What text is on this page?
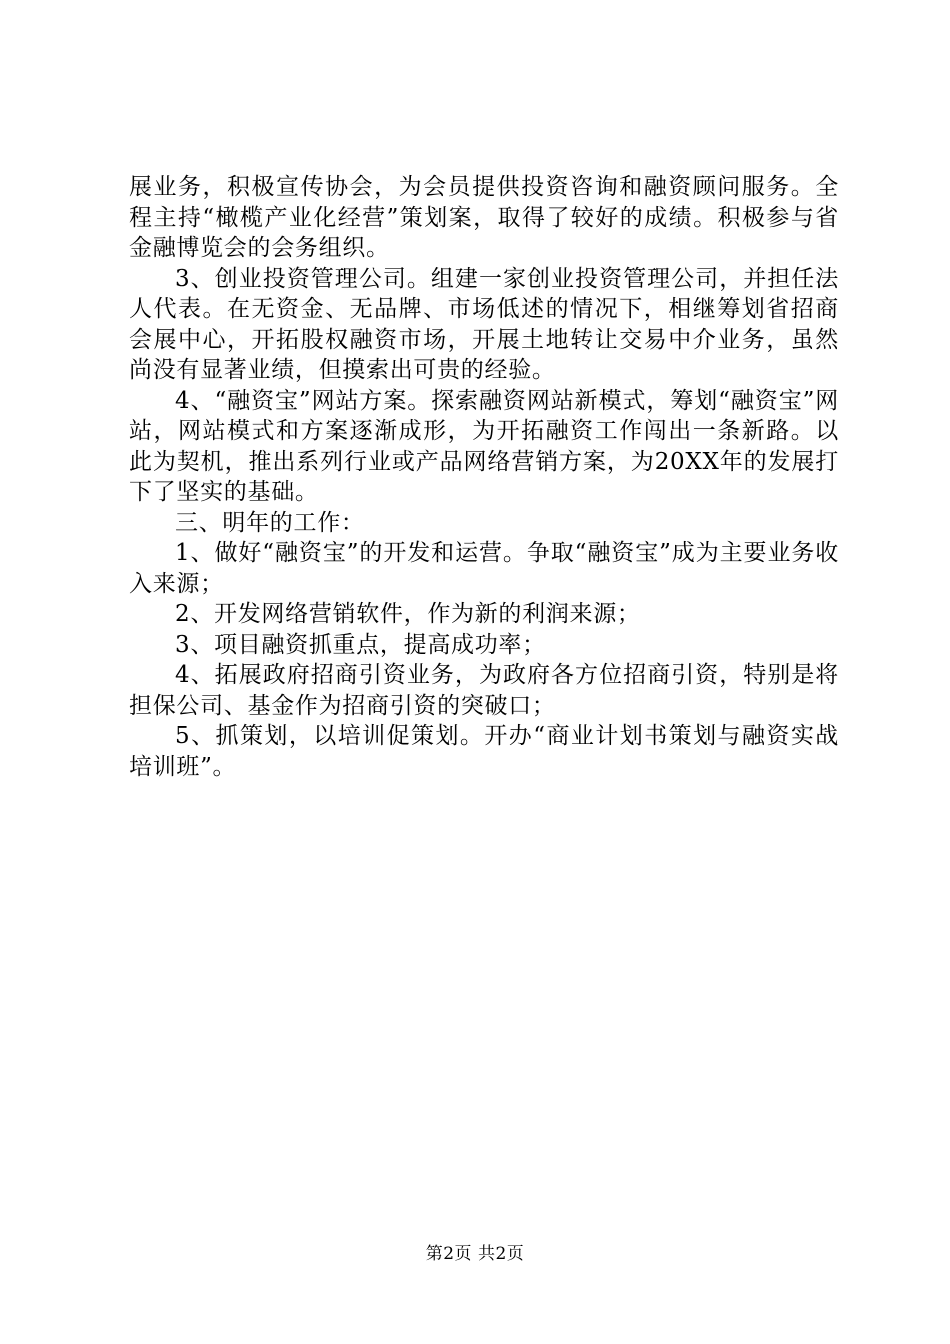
展业务，积极宣传协会，为会员提供投资咨询和融资顾问服务。全程主持“橄榄产业化经营”策划案，取得了较好的成绩。积极参与省金融博览会的会务组织。

3、创业投资管理公司。组建一家创业投资管理公司，并担任法人代表。在无资金、无品牌、市场低述的情况下，相继筹划省招商会展中心，开拓股权融资市场，开展土地转让交易中介业务，虽然尚没有显著业绩，但摸索出可贵的经验。

4、“融资宝”网站方案。探索融资网站新模式，筹划“融资宝”网站，网站模式和方案逐渐成形，为开拓融资工作闯出一条新路。以此为契机，推出系列行业或产品网络营销方案，为20XX年的发展打下了坚实的基础。

三、明年的工作：

1、做好“融资宝”的开发和运营。争取“融资宝”成为主要业务收入来源；

2、开发网络营销软件，作为新的利润来源；

3、项目融资抓重点，提高成功率；

4、拓展政府招商引资业务，为政府各方位招商引资，特别是将担保公司、基金作为招商引资的突破口；

5、抓策划，以培训促策划。开办“商业计划书策划与融资实战培训班”。

第2页 共2页
